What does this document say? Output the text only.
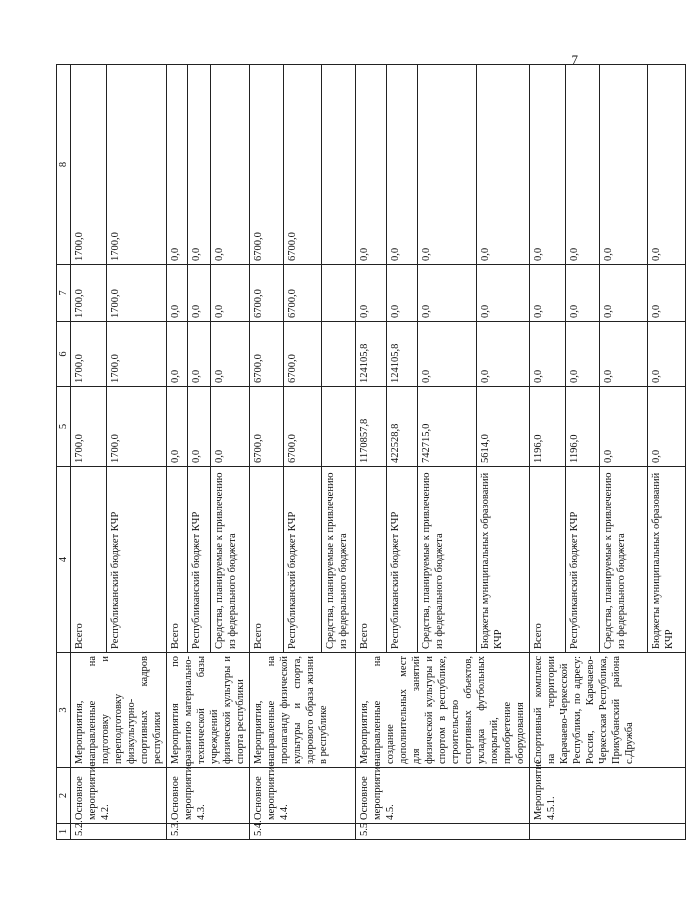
7
1	2	3	4	5	6	7	8
5.2.	Основное мероприятие 4.2.	Мероприятия, направленные на подготовку и переподготовку физкультурно-спортивных кадров республики	Всего	1700,0	1700,0	1700,0	1700,0
			Республиканский бюджет КЧР	1700,0	1700,0	1700,0	1700,0
5.3.	Основное мероприятие 4.3.	Мероприятия по развитию материально-технической базы учреждений физической культуры и спорта республики	Всего	0,0	0,0	0,0	0,0
			Республиканский бюджет КЧР	0,0	0,0	0,0	0,0
			Средства, планируемые к привлечению из федерального бюджета	0,0	0,0	0,0	0,0
5.4.	Основное мероприятие 4.4.	Мероприятия, направленные на пропаганду физической культуры и спорта, здорового образа жизни в республике	Всего	6700,0	6700,0	6700,0	6700,0
			Республиканский бюджет КЧР	6700,0	6700,0	6700,0	6700,0
			Средства, планируемые к привлечению из федерального бюджета				
5.5	Основное мероприятие 4.5.	Мероприятия, направленные на создание дополнительных мест для занятий физической культуры и спортом в республике, строительство спортивных объектов, укладка футбольных покрытий, приобретение оборудования	Всего	1170857,8	124105,8	0,0	0,0
			Республиканский бюджет КЧР	422528,8	124105,8	0,0	0,0
			Средства, планируемые к привлечению из федерального бюджета	742715,0	0,0	0,0	0,0
			Бюджеты муниципальных образований КЧР	5614,0	0,0	0,0	0,0
	Мероприятие 4.5.1.	Спортивный комплекс на территории Карачаево-Черкесской Республики, по адресу: Россия, Карачаево-Черкесская Республика, Прикубанский района с.Дружба	Всего	1196,0	0,0	0,0	0,0
			Республиканский бюджет КЧР	1196,0	0,0	0,0	0,0
			Средства, планируемые к привлечению из федерального бюджета	0,0	0,0	0,0	0,0
			Бюджеты муниципальных образований КЧР	0,0	0,0	0,0	0,0
